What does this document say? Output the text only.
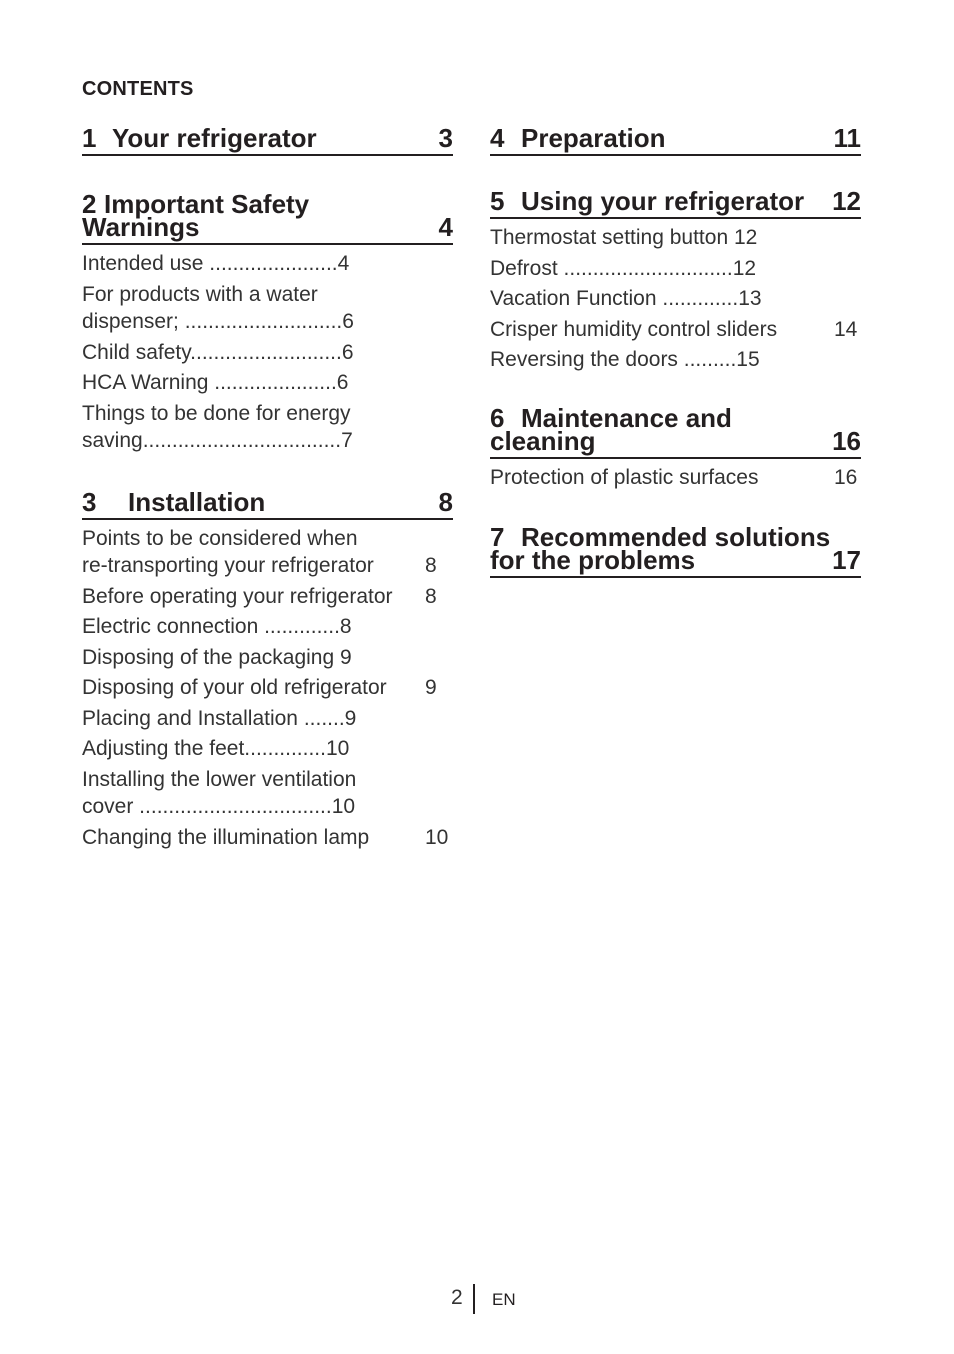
CONTENTS
1 Your refrigerator	3
2 Important Safety
Warnings	4
Intended use ......................4
For products with a water
dispenser; ...........................6
Child safety..........................6
HCA Warning .....................6
Things to be done for energy
saving..................................7
3 Installation	8
Points to be considered when
re-transporting your refrigerator 8
Before operating your refrigerator 8
Electric connection .............8
Disposing of the packaging 9
Disposing of your old refrigerator 9
Placing and Installation .......9
Adjusting the feet..............10
Installing the lower ventilation
cover .................................10
Changing the illumination lamp	10
4 Preparation	11
5 Using your refrigerator 12
Thermostat setting button 12
Defrost .............................12
Vacation Function .............13
Crisper humidity control sliders	14
Reversing the doors .........15
6 Maintenance and
cleaning	16
Protection of plastic surfaces	16
7 Recommended solutions
for the problems	17
2 EN
